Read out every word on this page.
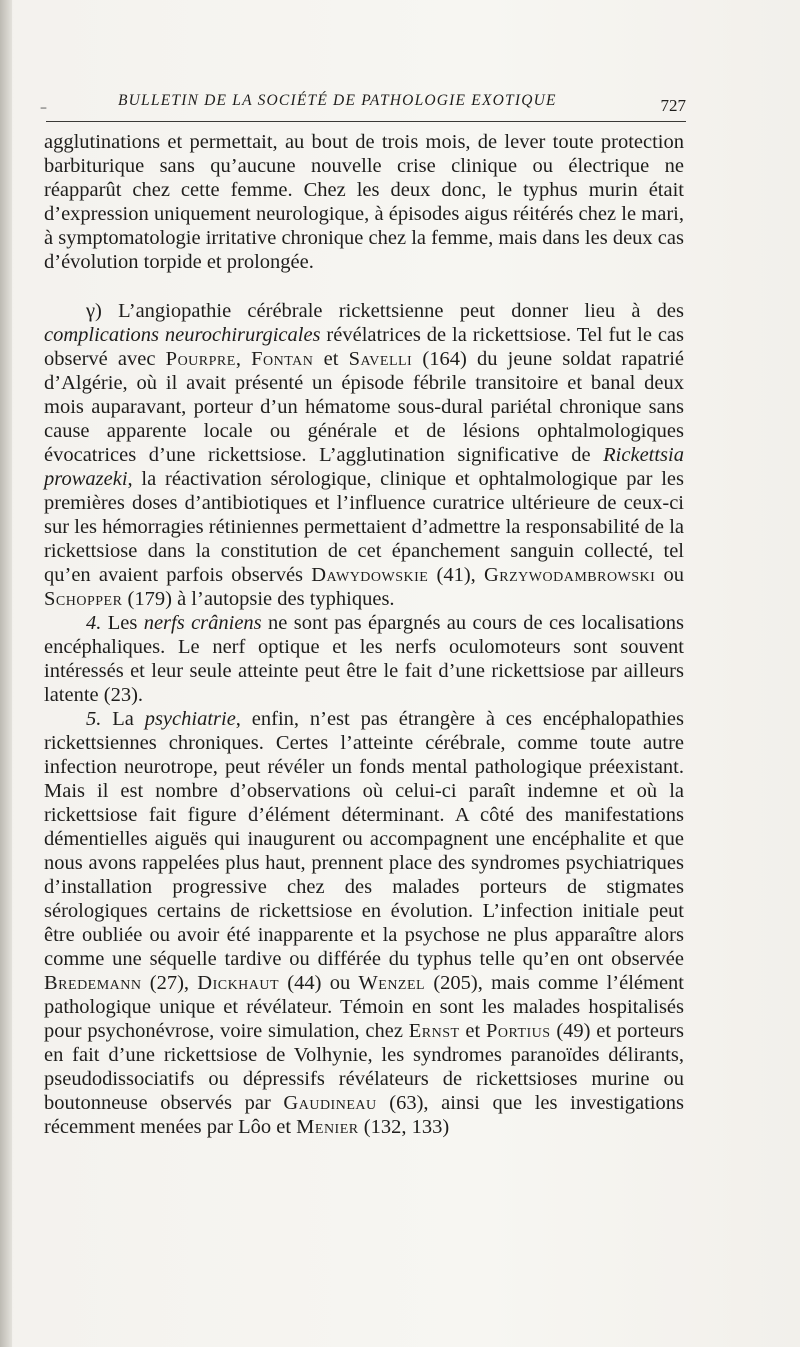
–	BULLETIN DE LA SOCIÉTÉ DE PATHOLOGIE EXOTIQUE	727

agglutinations et permettait, au bout de trois mois, de lever toute protection barbiturique sans qu’aucune nouvelle crise clinique ou électrique ne réapparût chez cette femme. Chez les deux donc, le typhus murin était d’expression uniquement neurologique, à épisodes aigus réitérés chez le mari, à symptomatologie irritative chronique chez la femme, mais dans les deux cas d’évolution torpide et prolongée.

γ) L’angiopathie cérébrale rickettsienne peut donner lieu à des complications neurochirurgicales révélatrices de la rickettsiose. Tel fut le cas observé avec Pourpre, Fontan et Savelli (164) du jeune soldat rapatrié d’Algérie, où il avait présenté un épisode fébrile transitoire et banal deux mois auparavant, porteur d’un hématome sous-dural pariétal chronique sans cause apparente locale ou générale et de lésions ophtalmologiques évocatrices d’une rickettsiose. L’agglutination significative de Rickettsia prowazeki, la réactivation sérologique, clinique et ophtalmologique par les premières doses d’antibiotiques et l’influence curatrice ultérieure de ceux-ci sur les hémorragies rétiniennes permettaient d’admettre la responsabilité de la rickettsiose dans la constitution de cet épanchement sanguin collecté, tel qu’en avaient parfois observés Dawydowskie (41), Grzywodambrowski ou Schopper (179) à l’autopsie des typhiques.

4. Les nerfs crâniens ne sont pas épargnés au cours de ces localisations encéphaliques. Le nerf optique et les nerfs oculomoteurs sont souvent intéressés et leur seule atteinte peut être le fait d’une rickettsiose par ailleurs latente (23).

5. La psychiatrie, enfin, n’est pas étrangère à ces encéphalopathies rickettsiennes chroniques. Certes l’atteinte cérébrale, comme toute autre infection neurotrope, peut révéler un fonds mental pathologique préexistant. Mais il est nombre d’observations où celui-ci paraît indemne et où la rickettsiose fait figure d’élément déterminant. A côté des manifestations démentielles aiguës qui inaugurent ou accompagnent une encéphalite et que nous avons rappelées plus haut, prennent place des syndromes psychiatriques d’installation progressive chez des malades porteurs de stigmates sérologiques certains de rickettsiose en évolution. L’infection initiale peut être oubliée ou avoir été inapparente et la psychose ne plus apparaître alors comme une séquelle tardive ou différée du typhus telle qu’en ont observée Bredemann (27), Dickhaut (44) ou Wenzel (205), mais comme l’élément pathologique unique et révélateur. Témoin en sont les malades hospitalisés pour psychonévrose, voire simulation, chez Ernst et Portius (49) et porteurs en fait d’une rickettsiose de Volhynie, les syndromes paranoïdes délirants, pseudodissociatifs ou dépressifs révélateurs de rickettsioses murine ou boutonneuse observés par Gaudineau (63), ainsi que les investigations récemment menées par Lôo et Menier (132, 133)
